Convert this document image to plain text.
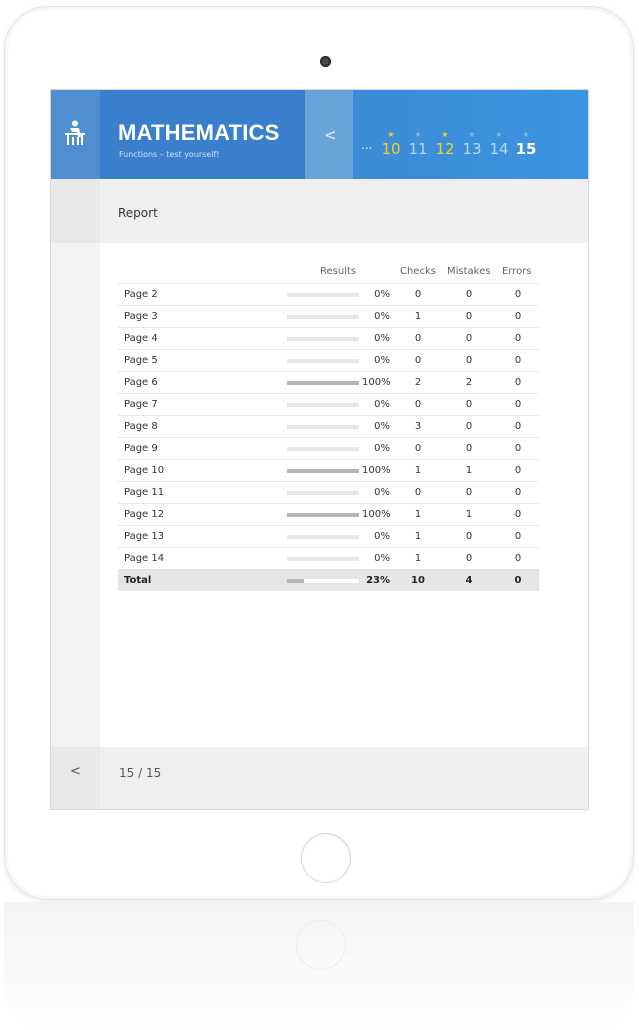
MATHEMATICS
Functions – test yourself!
<
...
★
10
★
11
★
12
★
13
★
14
★
15
Report
Results	Checks Mistakes Errors
Page 2	0%	0	0	0
Page 3	0%	1	0	0
Page 4	0%	0	0	0
Page 5	0%	0	0	0
Page 6	100%	2	2	0
Page 7	0%	0	0	0
Page 8	0%	3	0	0
Page 9	0%	0	0	0
Page 10	100%	1	1	0
Page 11	0%	0	0	0
Page 12	100%	1	1	0
Page 13	0%	1	0	0
Page 14	0%	1	0	0
Total	23%	10	4	0
<	15 / 15
